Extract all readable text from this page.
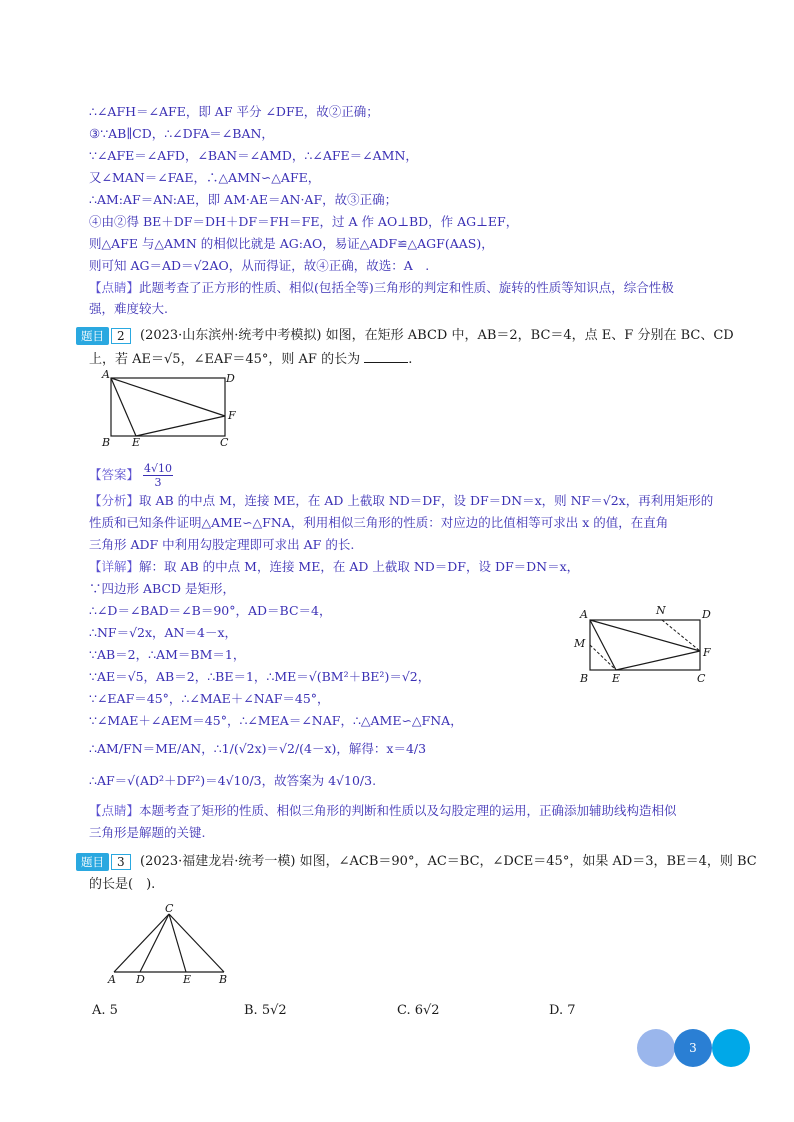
∴∠AFH＝∠AFE，即 AF 平分 ∠DFE，故②正确；
③∵AB∥CD，∴∠DFA＝∠BAN，
∵∠AFE＝∠AFD，∠BAN＝∠AMD，∴∠AFE＝∠AMN，
又∠MAN＝∠FAE，∴△AMN∽△AFE，
∴AM:AF＝AN:AE，即 AM·AE＝AN·AF，故③正确；
④由②得 BE＋DF＝DH＋DF＝FH＝FE，过 A 作 AO⊥BD，作 AG⊥EF，
则△AFE 与△AMN 的相似比就是 AG:AO，易证△ADF≌△AGF(AAS)，
则可知 AG＝AD＝√2AO，从而得证，故④正确，故选：A　.
【点睛】此题考查了正方形的性质、相似(包括全等)三角形的判定和性质、旋转的性质等知识点，综合性极
强，难度较大.
题目	2	(2023·山东滨州·统考中考模拟) 如图，在矩形 ABCD 中，AB＝2，BC＝4，点 E、F 分别在 BC、CD
上，若 AE＝√5，∠EAF＝45°，则 AF 的长为	.
A	D
F
B E	C
【答案】 $\frac{4√10}{3}$
【分析】取 AB 的中点 M，连接 ME，在 AD 上截取 ND＝DF，设 DF＝DN＝x，则 NF＝√2x，再利用矩形的
性质和已知条件证明△AME∽△FNA，利用相似三角形的性质：对应边的比值相等可求出 x 的值，在直角
三角形 ADF 中利用勾股定理即可求出 AF 的长.
【详解】解：取 AB 的中点 M，连接 ME，在 AD 上截取 ND＝DF，设 DF＝DN＝x，
∵四边形 ABCD 是矩形，
∴∠D＝∠BAD＝∠B＝90°，AD＝BC＝4，
∴NF＝√2x，AN＝4－x，
∵AB＝2，∴AM＝BM＝1，
∵AE＝√5，AB＝2，∴BE＝1，∴ME＝√(BM²＋BE²)＝√2，
∵∠EAF＝45°，∴∠MAE＋∠NAF＝45°，
∵∠MAE＋∠AEM＝45°，∴∠MEA＝∠NAF，∴△AME∽△FNA，
∴AM/FN＝ME/AN，∴1/(√2x)＝√2/(4－x)，解得：x＝4/3
∴AF＝√(AD²＋DF²)＝4√10/3，故答案为 4√10/3.
A	N	D
M
F
B E	C
【点睛】本题考查了矩形的性质、相似三角形的判断和性质以及勾股定理的运用，正确添加辅助线构造相似
三角形是解题的关键.
题目	3	(2023·福建龙岩·统考一模) 如图，∠ACB＝90°，AC＝BC，∠DCE＝45°，如果 AD＝3，BE＝4，则 BC
的长是(　).
C
A D	E	B
A. 5	B. 5√2	C. 6√2	D. 7
3
